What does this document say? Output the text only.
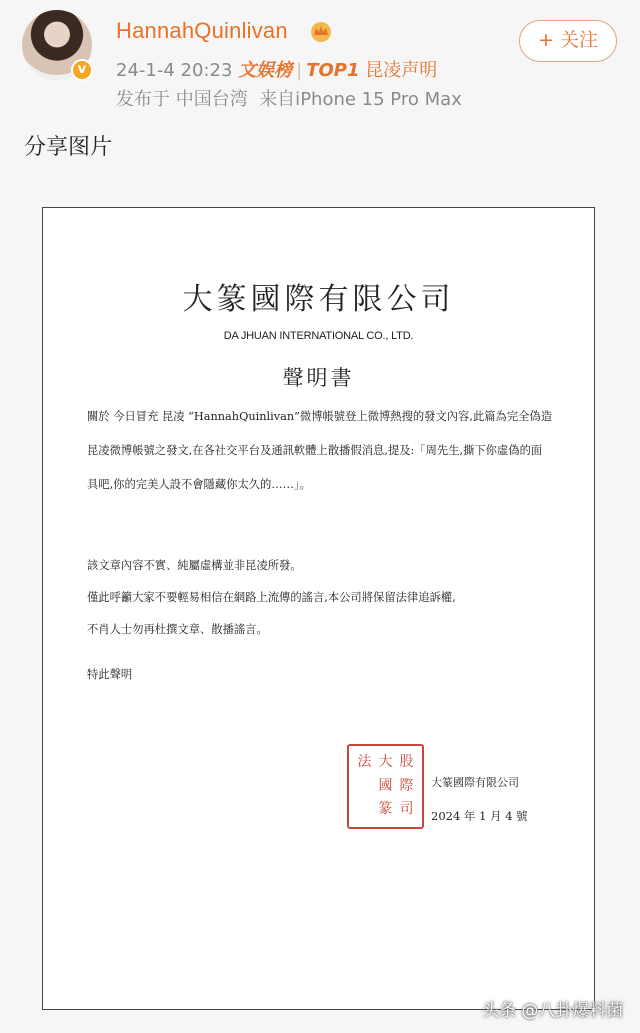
v
HannahQuinlivan
24-1-4 20:23 文娱榜 | TOP1 昆凌声明
发布于 中国台湾 来自iPhone 15 Pro Max
+ 关注
分享图片
大篆國際有限公司
DA JHUAN INTERNATIONAL CO., LTD.
聲明書
關於 今日冒充 昆凌 “HannahQuinlivan”微博帳號登上微博熱搜的發文內容,此篇為完全偽造昆凌微博帳號之發文,在各社交平台及通訊軟體上散播假消息,提及:「周先生,撕下你虛偽的面具吧,你的完美人設不會隱藏你太久的……」。
該文章內容不實、純屬虛構並非昆凌所發。
僅此呼籲大家不要輕易相信在網路上流傳的謠言,本公司將保留法律追訴權,
不肖人士勿再杜撰文章、散播謠言。
特此聲明
法 大 股
國 際
篆 司
大篆國際有限公司
2024 年 1 月 4 號
头条 @八卦爆料菌
